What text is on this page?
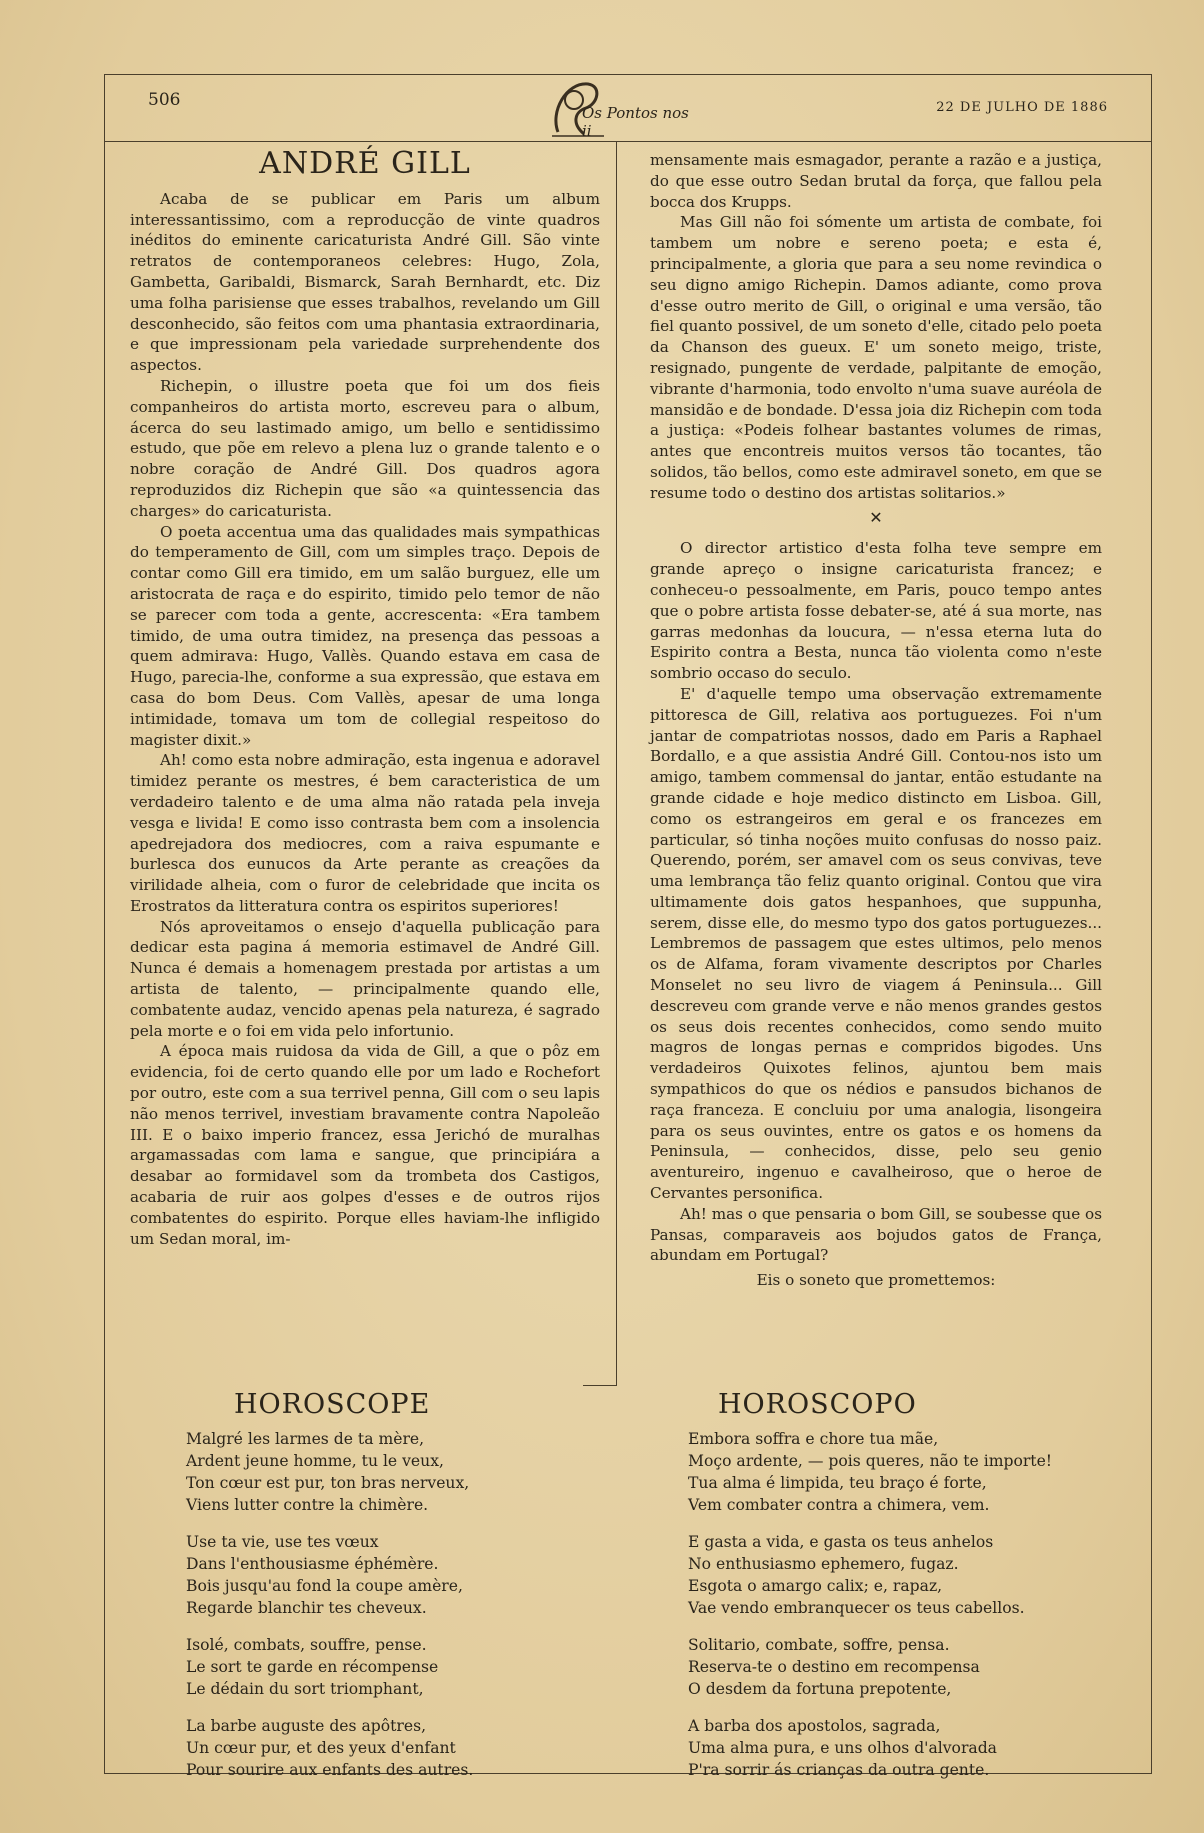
506
Os Pontos nos ii
22 DE JULHO DE 1886
ANDRÉ GILL

Acaba de se publicar em Paris um album interessantissimo, com a reproducção de vinte quadros inéditos do eminente caricaturista André Gill. São vinte retratos de contemporaneos celebres: Hugo, Zola, Gambetta, Garibaldi, Bismarck, Sarah Bernhardt, etc. Diz uma folha parisiense que esses trabalhos, revelando um Gill desconhecido, são feitos com uma phantasia extraordinaria, e que impressionam pela variedade surprehendente dos aspectos.

Richepin, o illustre poeta que foi um dos fieis companheiros do artista morto, escreveu para o album, ácerca do seu lastimado amigo, um bello e sentidissimo estudo, que põe em relevo a plena luz o grande talento e o nobre coração de André Gill. Dos quadros agora reproduzidos diz Richepin que são «a quintessencia das charges» do caricaturista.

O poeta accentua uma das qualidades mais sympathicas do temperamento de Gill, com um simples traço. Depois de contar como Gill era timido, em um salão burguez, elle um aristocrata de raça e do espirito, timido pelo temor de não se parecer com toda a gente, accrescenta: «Era tambem timido, de uma outra timidez, na presença das pessoas a quem admirava: Hugo, Vallès. Quando estava em casa de Hugo, parecia-lhe, conforme a sua expressão, que estava em casa do bom Deus. Com Vallès, apesar de uma longa intimidade, tomava um tom de collegial respeitoso do magister dixit.»

Ah! como esta nobre admiração, esta ingenua e adoravel timidez perante os mestres, é bem caracteristica de um verdadeiro talento e de uma alma não ratada pela inveja vesga e livida! E como isso contrasta bem com a insolencia apedrejadora dos mediocres, com a raiva espumante e burlesca dos eunucos da Arte perante as creações da virilidade alheia, com o furor de celebridade que incita os Erostratos da litteratura contra os espiritos superiores!

Nós aproveitamos o ensejo d'aquella publicação para dedicar esta pagina á memoria estimavel de André Gill. Nunca é demais a homenagem prestada por artistas a um artista de talento, — principalmente quando elle, combatente audaz, vencido apenas pela natureza, é sagrado pela morte e o foi em vida pelo infortunio.

A época mais ruidosa da vida de Gill, a que o pôz em evidencia, foi de certo quando elle por um lado e Rochefort por outro, este com a sua terrivel penna, Gill com o seu lapis não menos terrivel, investiam bravamente contra Napoleão III. E o baixo imperio francez, essa Jerichó de muralhas argamassadas com lama e sangue, que principiára a desabar ao formidavel som da trombeta dos Castigos, acabaria de ruir aos golpes d'esses e de outros rijos combatentes do espirito. Porque elles haviam-lhe infligido um Sedan moral, im-

mensamente mais esmagador, perante a razão e a justiça, do que esse outro Sedan brutal da força, que fallou pela bocca dos Krupps.

Mas Gill não foi sómente um artista de combate, foi tambem um nobre e sereno poeta; e esta é, principalmente, a gloria que para a seu nome revindica o seu digno amigo Richepin. Damos adiante, como prova d'esse outro merito de Gill, o original e uma versão, tão fiel quanto possivel, de um soneto d'elle, citado pelo poeta da Chanson des gueux. E' um soneto meigo, triste, resignado, pungente de verdade, palpitante de emoção, vibrante d'harmonia, todo envolto n'uma suave auréola de mansidão e de bondade. D'essa joia diz Richepin com toda a justiça: «Podeis folhear bastantes volumes de rimas, antes que encontreis muitos versos tão tocantes, tão solidos, tão bellos, como este admiravel soneto, em que se resume todo o destino dos artistas solitarios.»

✕

O director artistico d'esta folha teve sempre em grande apreço o insigne caricaturista francez; e conheceu-o pessoalmente, em Paris, pouco tempo antes que o pobre artista fosse debater-se, até á sua morte, nas garras medonhas da loucura, — n'essa eterna luta do Espirito contra a Besta, nunca tão violenta como n'este sombrio occaso do seculo.

E' d'aquelle tempo uma observação extremamente pittoresca de Gill, relativa aos portuguezes. Foi n'um jantar de compatriotas nossos, dado em Paris a Raphael Bordallo, e a que assistia André Gill. Contou-nos isto um amigo, tambem commensal do jantar, então estudante na grande cidade e hoje medico distincto em Lisboa. Gill, como os estrangeiros em geral e os francezes em particular, só tinha noções muito confusas do nosso paiz. Querendo, porém, ser amavel com os seus convivas, teve uma lembrança tão feliz quanto original. Contou que vira ultimamente dois gatos hespanhoes, que suppunha, serem, disse elle, do mesmo typo dos gatos portuguezes... Lembremos de passagem que estes ultimos, pelo menos os de Alfama, foram vivamente descriptos por Charles Monselet no seu livro de viagem á Peninsula... Gill descreveu com grande verve e não menos grandes gestos os seus dois recentes conhecidos, como sendo muito magros de longas pernas e compridos bigodes. Uns verdadeiros Quixotes felinos, ajuntou bem mais sympathicos do que os nédios e pansudos bichanos de raça franceza. E concluiu por uma analogia, lisongeira para os seus ouvintes, entre os gatos e os homens da Peninsula, — conhecidos, disse, pelo seu genio aventureiro, ingenuo e cavalheiroso, que o heroe de Cervantes personifica.

Ah! mas o que pensaria o bom Gill, se soubesse que os Pansas, comparaveis aos bojudos gatos de França, abundam em Portugal?

Eis o soneto que promettemos:

HOROSCOPE
Malgré les larmes de ta mère,
Ardent jeune homme, tu le veux,
Ton cœur est pur, ton bras nerveux,
Viens lutter contre la chimère.
Use ta vie, use tes vœux
Dans l'enthousiasme éphémère.
Bois jusqu'au fond la coupe amère,
Regarde blanchir tes cheveux.
Isolé, combats, souffre, pense.
Le sort te garde en récompense
Le dédain du sort triomphant,
La barbe auguste des apôtres,
Un cœur pur, et des yeux d'enfant
Pour sourire aux enfants des autres.
HOROSCOPO
Embora soffra e chore tua mãe,
Moço ardente, — pois queres, não te importe!
Tua alma é limpida, teu braço é forte,
Vem combater contra a chimera, vem.
E gasta a vida, e gasta os teus anhelos
No enthusiasmo ephemero, fugaz.
Esgota o amargo calix; e, rapaz,
Vae vendo embranquecer os teus cabellos.
Solitario, combate, soffre, pensa.
Reserva-te o destino em recompensa
O desdem da fortuna prepotente,
A barba dos apostolos, sagrada,
Uma alma pura, e uns olhos d'alvorada
P'ra sorrir ás crianças da outra gente.
